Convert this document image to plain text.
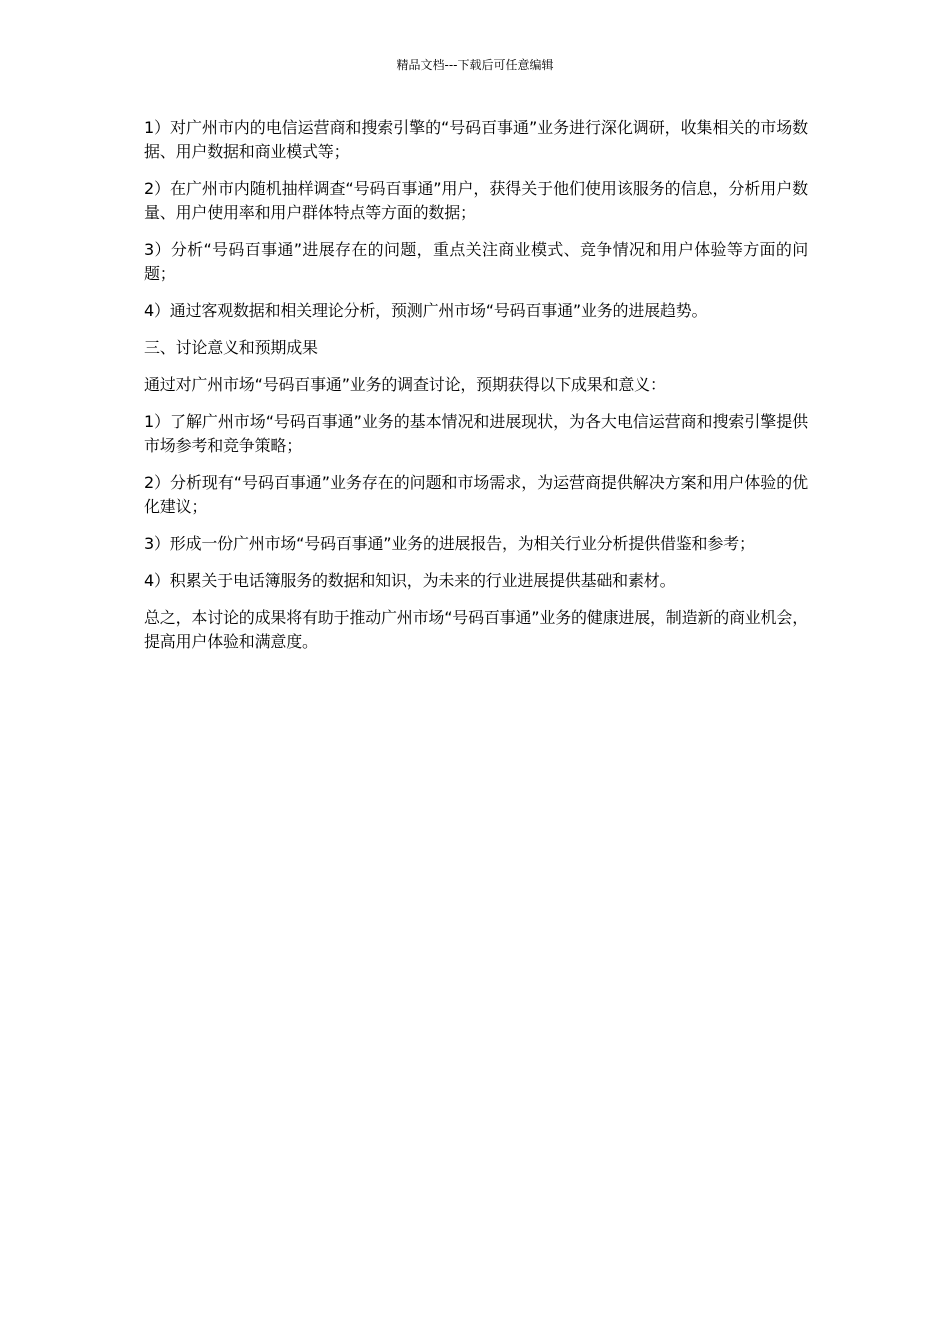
精品文档---下载后可任意编辑

1）对广州市内的电信运营商和搜索引擎的“号码百事通”业务进行深化调研，收集相关的市场数据、用户数据和商业模式等；

2）在广州市内随机抽样调查“号码百事通”用户，获得关于他们使用该服务的信息，分析用户数量、用户使用率和用户群体特点等方面的数据；

3）分析“号码百事通”进展存在的问题，重点关注商业模式、竞争情况和用户体验等方面的问题；

4）通过客观数据和相关理论分析，预测广州市场“号码百事通”业务的进展趋势。

三、讨论意义和预期成果

通过对广州市场“号码百事通”业务的调查讨论，预期获得以下成果和意义：

1）了解广州市场“号码百事通”业务的基本情况和进展现状，为各大电信运营商和搜索引擎提供市场参考和竞争策略；

2）分析现有“号码百事通”业务存在的问题和市场需求，为运营商提供解决方案和用户体验的优化建议；

3）形成一份广州市场“号码百事通”业务的进展报告，为相关行业分析提供借鉴和参考；

4）积累关于电话簿服务的数据和知识，为未来的行业进展提供基础和素材。

总之，本讨论的成果将有助于推动广州市场“号码百事通”业务的健康进展，制造新的商业机会，提高用户体验和满意度。
